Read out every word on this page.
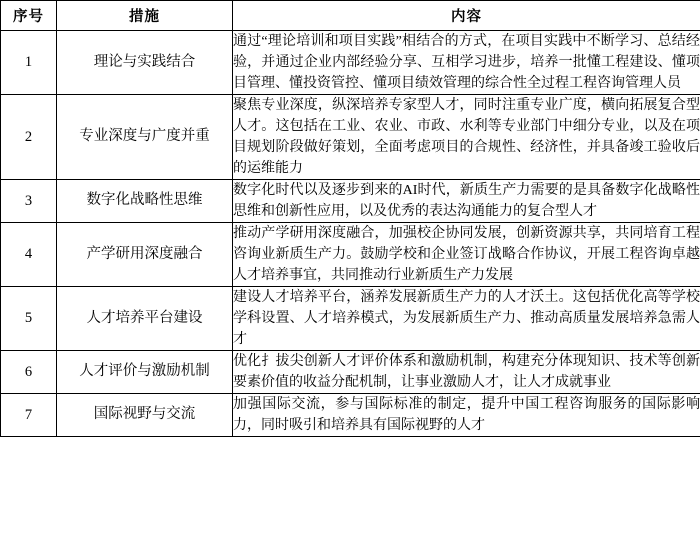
序号	措施	内容
1	理论与实践结合	通过“理论培训和项目实践”相结合的方式，在项目实践中不断学习、总结经验，并通过企业内部经验分享、互相学习进步，培养一批懂工程建设、懂项目管理、懂投资管控、懂项目绩效管理的综合性全过程工程咨询管理人员
2	专业深度与广度并重	聚焦专业深度，纵深培养专家型人才，同时注重专业广度，横向拓展复合型人才。这包括在工业、农业、市政、水利等专业部门中细分专业，以及在项目规划阶段做好策划，全面考虑项目的合规性、经济性，并具备竣工验收后的运维能力
3	数字化战略性思维	数字化时代以及逐步到来的AI时代，新质生产力需要的是具备数字化战略性思维和创新性应用，以及优秀的表达沟通能力的复合型人才
4	产学研用深度融合	推动产学研用深度融合，加强校企协同发展，创新资源共享，共同培育工程咨询业新质生产力。鼓励学校和企业签订战略合作协议，开展工程咨询卓越人才培养事宜，共同推动行业新质生产力发展
5	人才培养平台建设	建设人才培养平台，涵养发展新质生产力的人才沃土。这包括优化高等学校学科设置、人才培养模式，为发展新质生产力、推动高质量发展培养急需人才
6	人才评价与激励机制	优化扌拔尖创新人才评价体系和激励机制，构建充分体现知识、技术等创新要素价值的收益分配机制，让事业激励人才，让人才成就事业
7	国际视野与交流	加强国际交流，参与国际标准的制定，提升中国工程咨询服务的国际影响力，同时吸引和培养具有国际视野的人才
